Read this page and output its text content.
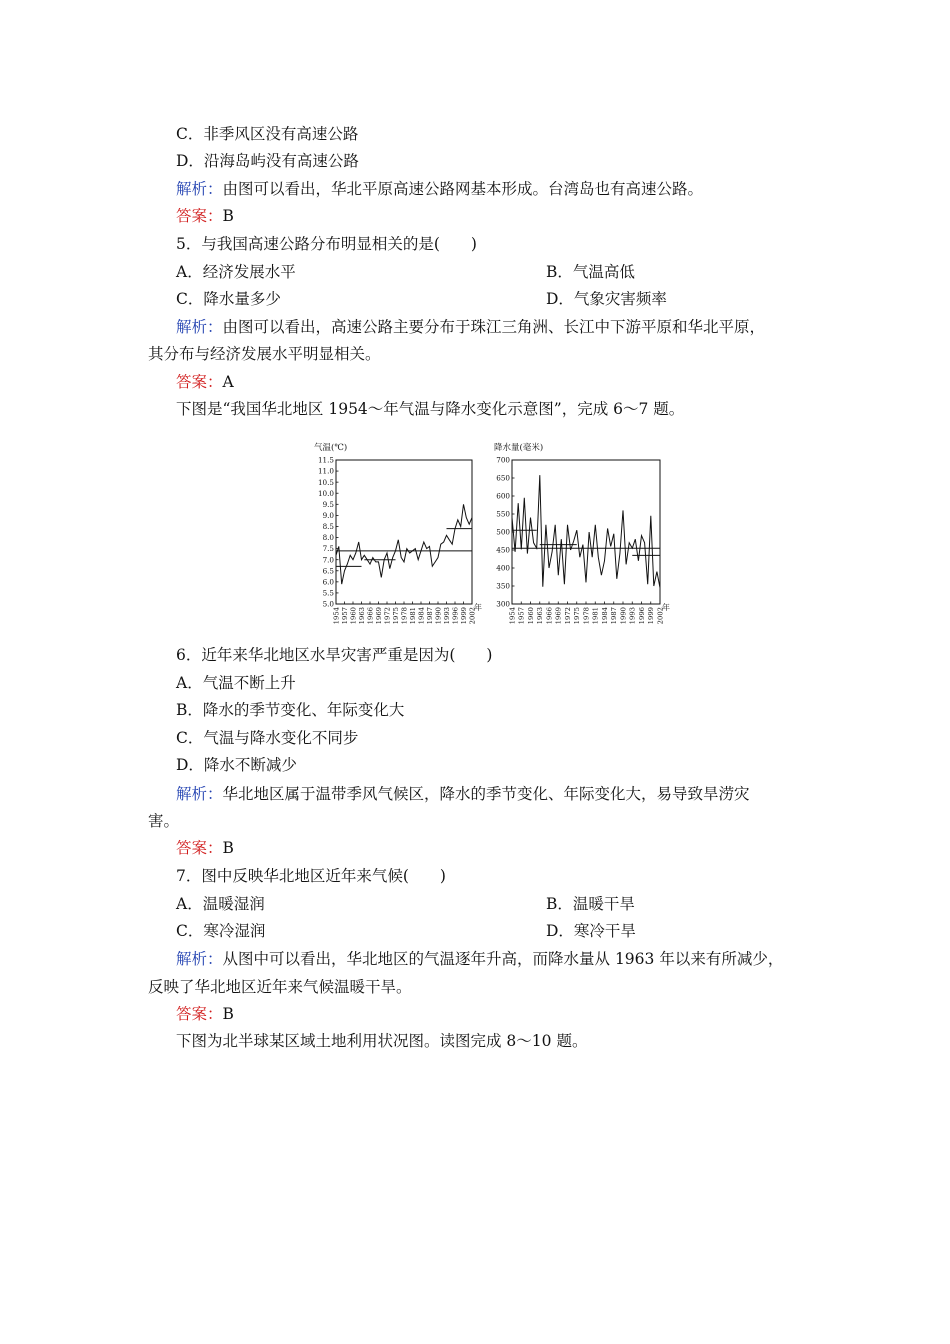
C．非季风区没有高速公路
D．沿海岛屿没有高速公路
解析：由图可以看出，华北平原高速公路网基本形成。台湾岛也有高速公路。
答案：B
5．与我国高速公路分布明显相关的是(　　)
A．经济发展水平	B．气温高低
C．降水量多少	D．气象灾害频率
解析：由图可以看出，高速公路主要分布于珠江三角洲、长江中下游平原和华北平原，
其分布与经济发展水平明显相关。
答案：A
下图是“我国华北地区 1954～年气温与降水变化示意图”，完成 6～7 题。
气温(℃)
11.5
11.0
10.5
10.0
9.5
9.0
8.5
8.0
7.5
7.0
6.5
6.0
5.5
5.0
1954 1957 1960 1963 1966 1969 1972 1975 1978 1981 1984 1987 1990 1993 1996 1999 2002
年
降水量(毫米)
700
650
600
550
500
450
400
350
300
1954 1957 1960 1963 1966 1969 1972 1975 1978 1981 1984 1987 1990 1993 1996 1999 2002
年
6．近年来华北地区水旱灾害严重是因为(　　)
A．气温不断上升
B．降水的季节变化、年际变化大
C．气温与降水变化不同步
D．降水不断减少
解析：华北地区属于温带季风气候区，降水的季节变化、年际变化大，易导致旱涝灾
害。
答案：B
7．图中反映华北地区近年来气候(　　)
A．温暖湿润	B．温暖干旱
C．寒冷湿润	D．寒冷干旱
解析：从图中可以看出，华北地区的气温逐年升高，而降水量从 1963 年以来有所减少，
反映了华北地区近年来气候温暖干旱。
答案：B
下图为北半球某区域土地利用状况图。读图完成 8～10 题。
